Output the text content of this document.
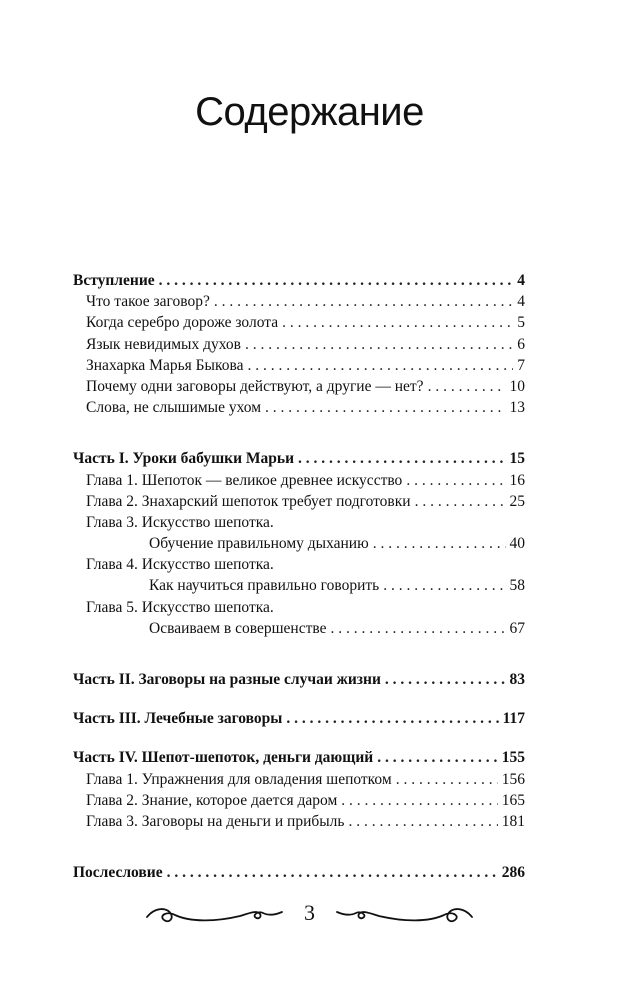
Содержание
Вступление . . .	4
Что такое заговор? . . .	4
Когда серебро дороже золота . . .	5
Язык невидимых духов . . .	6
Знахарка Марья Быкова . . .	7
Почему одни заговоры действуют, а другие — нет? . . .	10
Слова, не слышимые ухом . . .	13
Часть I. Уроки бабушки Марьи . . .	15
Глава 1. Шепоток — великое древнее искусство . . .	16
Глава 2. Знахарский шепоток требует подготовки . . .	25
Глава 3. Искусство шепотка.
Обучение правильному дыханию . . .	40
Глава 4. Искусство шепотка.
Как научиться правильно говорить . . .	58
Глава 5. Искусство шепотка.
Осваиваем в совершенстве . . .	67
Часть II. Заговоры на разные случаи жизни . . .	83
Часть III. Лечебные заговоры . . .	117
Часть IV. Шепот-шепоток, деньги дающий . . .	155
Глава 1. Упражнения для овладения шепотком . . .	156
Глава 2. Знание, которое дается даром . . .	165
Глава 3. Заговоры на деньги и прибыль . . .	181
Послесловие . . .	286
3
